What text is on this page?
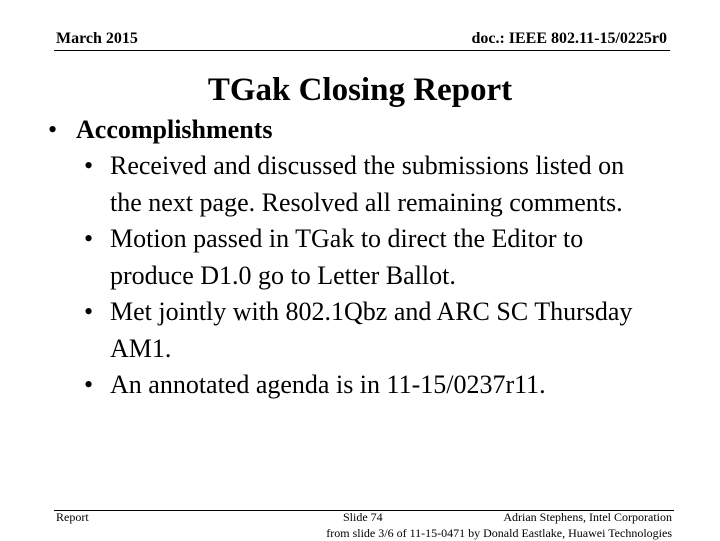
March 2015	doc.: IEEE 802.11-15/0225r0
TGak Closing Report
• Accomplishments
• Received and discussed the submissions listed on the next page. Resolved all remaining comments.
• Motion passed in TGak to direct the Editor to produce D1.0 go to Letter Ballot.
• Met jointly with 802.1Qbz and ARC SC Thursday AM1.
• An annotated agenda is in 11-15/0237r11.
Report	Slide 74	Adrian Stephens, Intel Corporation
from slide 3/6 of 11-15-0471 by Donald Eastlake, Huawei Technologies
